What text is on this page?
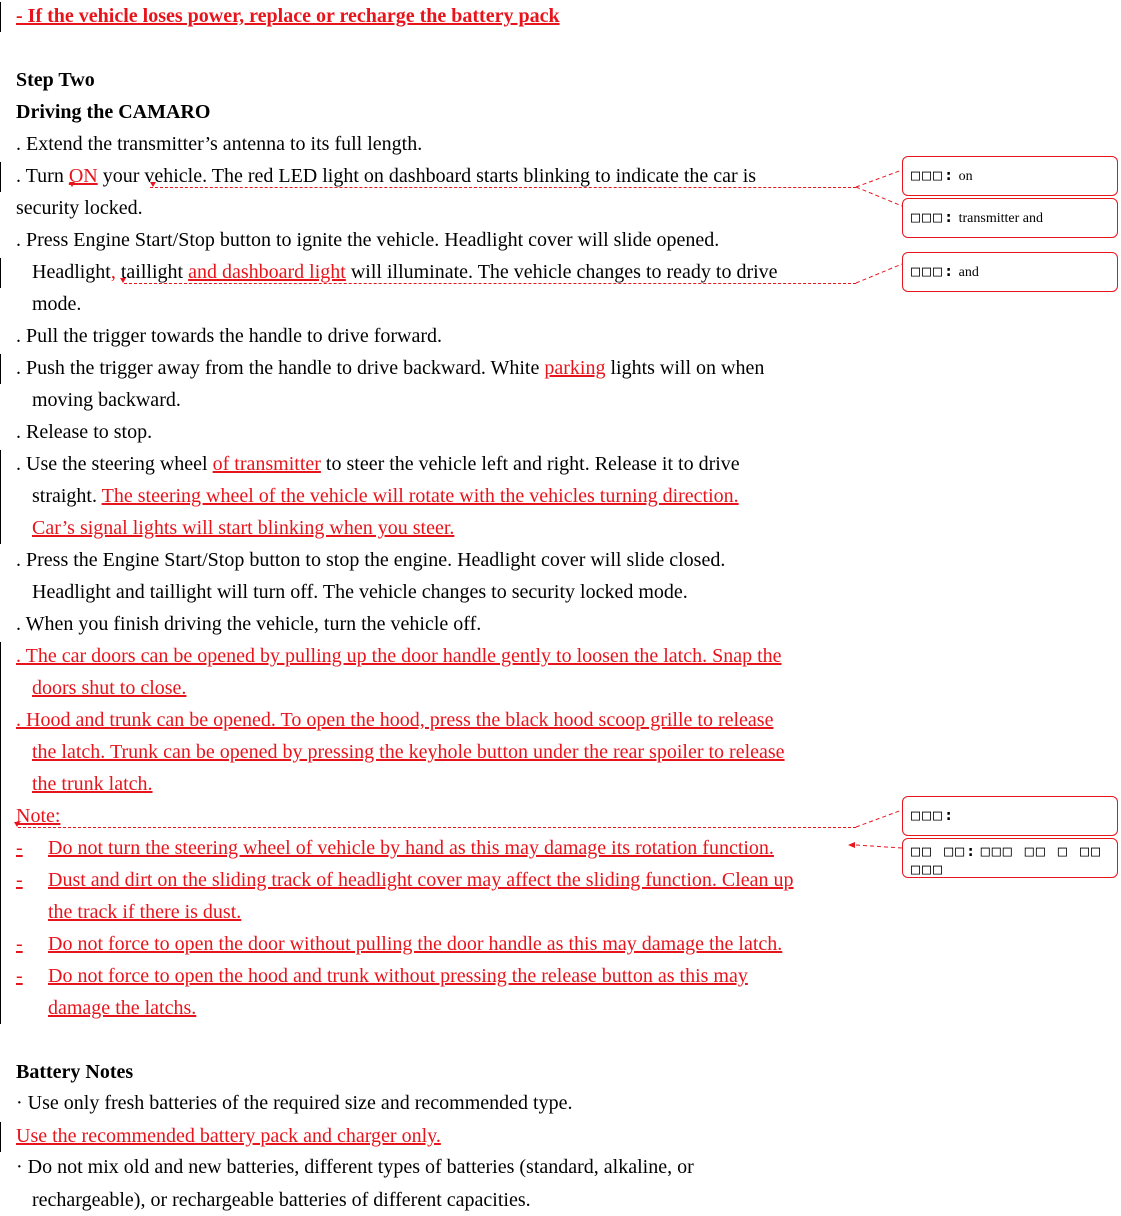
- If the vehicle loses power, replace or recharge the battery pack
Step Two
Driving the CAMARO
. Extend the transmitter’s antenna to its full length.
. Turn ON your vehicle. The red LED light on dashboard starts blinking to indicate the car is
security locked.
. Press Engine Start/Stop button to ignite the vehicle. Headlight cover will slide opened.
Headlight, taillight and dashboard light will illuminate. The vehicle changes to ready to drive
mode.
. Pull the trigger towards the handle to drive forward.
. Push the trigger away from the handle to drive backward. White parking lights will on when
moving backward.
. Release to stop.
. Use the steering wheel of transmitter to steer the vehicle left and right. Release it to drive
straight. The steering wheel of the vehicle will rotate with the vehicles turning direction.
Car’s signal lights will start blinking when you steer.
. Press the Engine Start/Stop button to stop the engine. Headlight cover will slide closed.
Headlight and taillight will turn off. The vehicle changes to security locked mode.
. When you finish driving the vehicle, turn the vehicle off.
. The car doors can be opened by pulling up the door handle gently to loosen the latch. Snap the
doors shut to close.
. Hood and trunk can be opened. To open the hood, press the black hood scoop grille to release
the latch. Trunk can be opened by pressing the keyhole button under the rear spoiler to release
the trunk latch.
Note:
- Do not turn the steering wheel of vehicle by hand as this may damage its rotation function.
- Dust and dirt on the sliding track of headlight cover may affect the sliding function. Clean up
the track if there is dust.
- Do not force to open the door without pulling the door handle as this may damage the latch.
- Do not force to open the hood and trunk without pressing the release button as this may
damage the latchs.
Battery Notes
· Use only fresh batteries of the required size and recommended type.
Use the recommended battery pack and charger only.
· Do not mix old and new batteries, different types of batteries (standard, alkaline, or
rechargeable), or rechargeable batteries of different capacities.
□□□: on
□□□: transmitter and
□□□: and
□□□:
□□ □□: □□□ □□ □ □□ □□□
